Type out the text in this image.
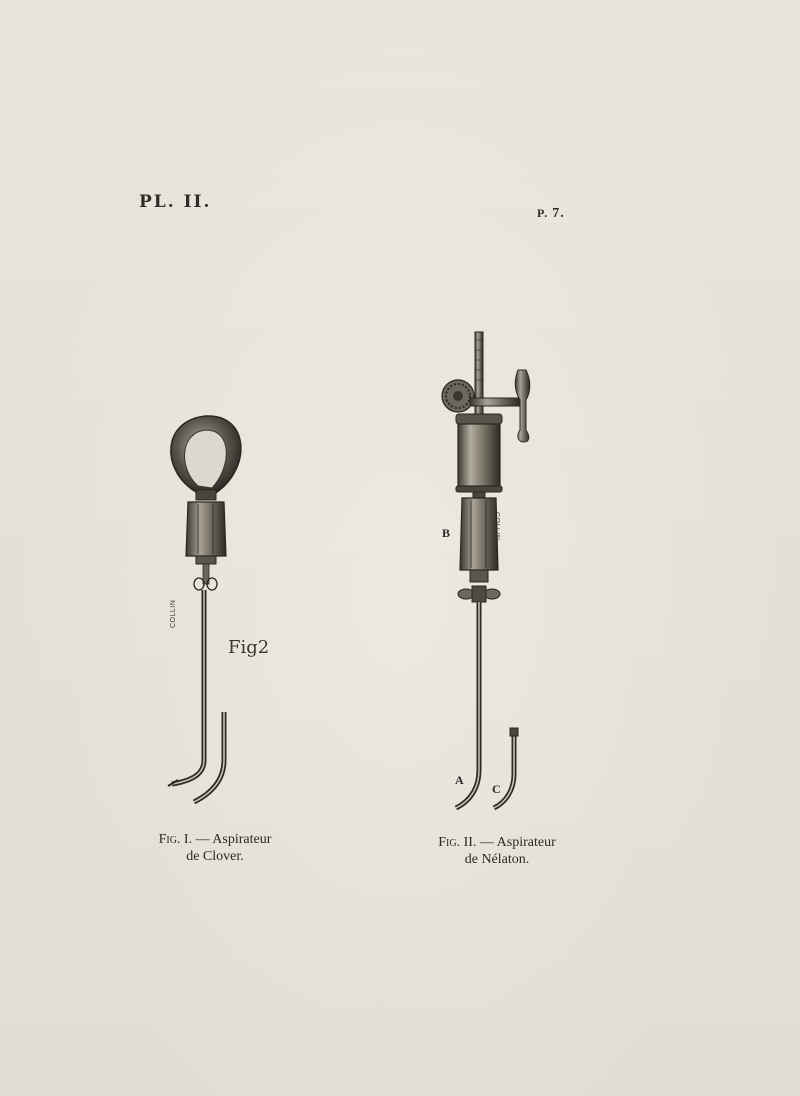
PL. II.
P. 7.
Fig2
COLLIN
COLLIN
B
A
C
Fig. I. — Aspirateur
de Clover.
Fig. II. — Aspirateur
de Nélaton.
